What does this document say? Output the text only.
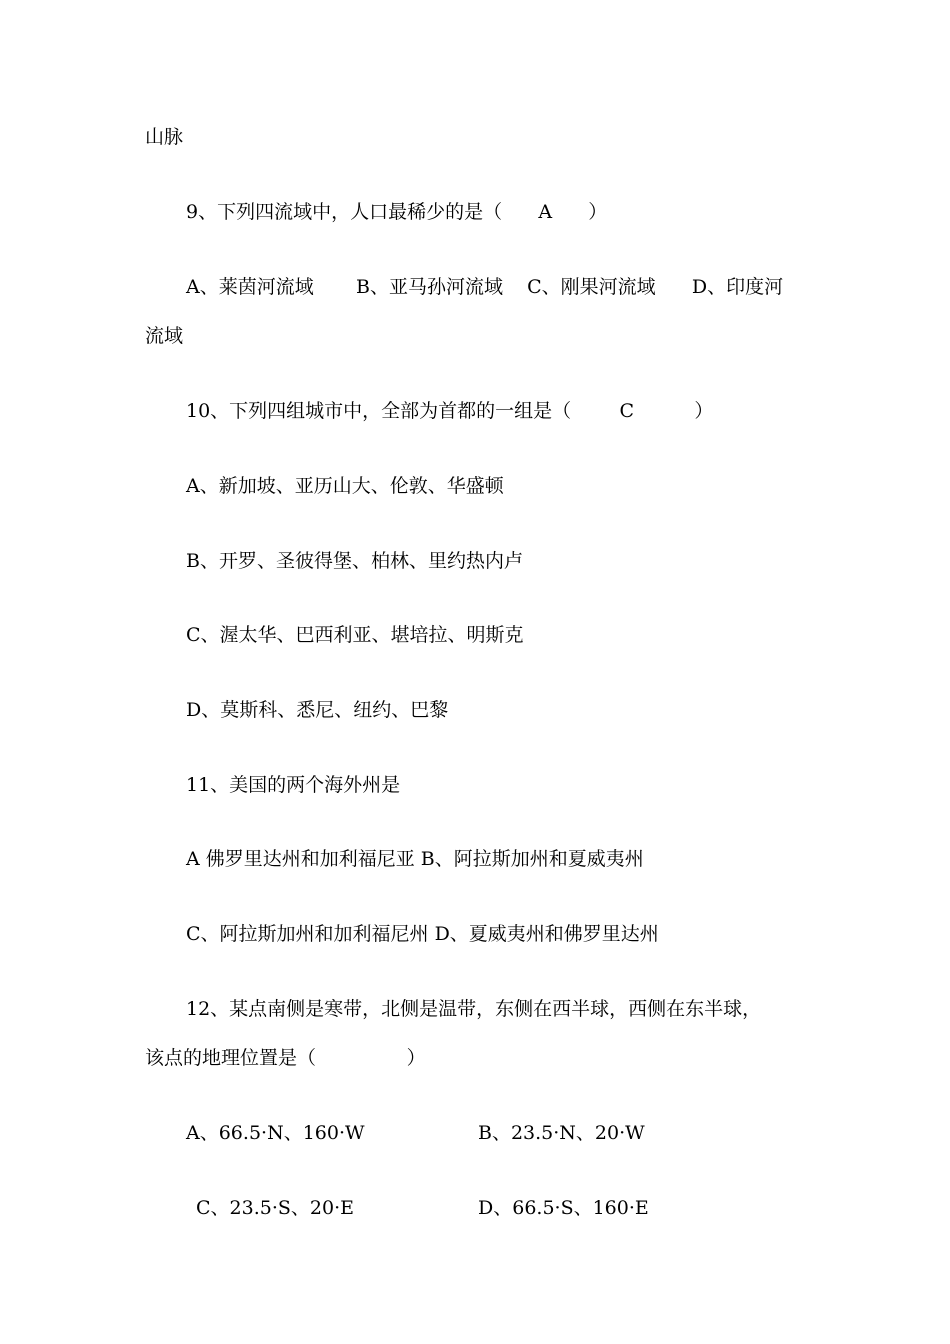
山脉
9、下列四流域中，人口最稀少的是（      A      ）
A、莱茵河流域       B、亚马孙河流域    C、刚果河流域      D、印度河
流域
10、下列四组城市中，全部为首都的一组是（        C          ）
A、新加坡、亚历山大、伦敦、华盛顿
B、开罗、圣彼得堡、柏林、里约热内卢
C、渥太华、巴西利亚、堪培拉、明斯克
D、莫斯科、悉尼、纽约、巴黎
11、美国的两个海外州是
A 佛罗里达州和加利福尼亚 B、阿拉斯加州和夏威夷州
C、阿拉斯加州和加利福尼州 D、夏威夷州和佛罗里达州
12、某点南侧是寒带，北侧是温带，东侧在西半球，西侧在东半球，
该点的地理位置是（               ）
A、66.5·N、160·W	B、23.5·N、20·W
C、23.5·S、20·E	D、66.5·S、160·E
